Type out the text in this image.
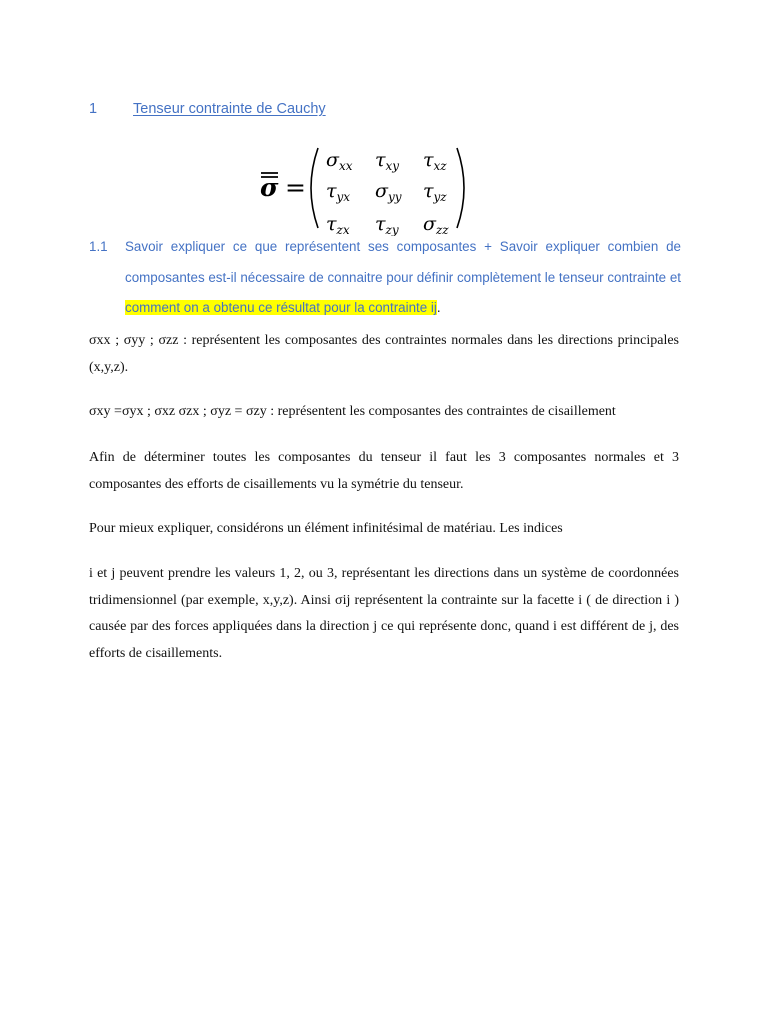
1 Tenseur contrainte de Cauchy
σ =
$\sigma_{xx}$ $\tau_{xy}$ $\tau_{xz}$
$\tau_{yx}$ $\sigma_{yy}$ $\tau_{yz}$
$\tau_{zx}$ $\tau_{zy}$ $\sigma_{zz}$
1.1 Savoir expliquer ce que représentent ses composantes + Savoir expliquer combien de composantes est-il nécessaire de connaitre pour définir complètement le tenseur contrainte et comment on a obtenu ce résultat pour la contrainte ij.

σxx ; σyy ; σzz : représentent les composantes des contraintes normales dans les directions principales (x,y,z).

σxy =σyx ; σxz σzx ; σyz = σzy : représentent les composantes des contraintes de cisaillement

Afin de déterminer toutes les composantes du tenseur il faut les 3 composantes normales et 3 composantes des efforts de cisaillements vu la symétrie du tenseur.

Pour mieux expliquer, considérons un élément infinitésimal de matériau. Les indices

i et j peuvent prendre les valeurs 1, 2, ou 3, représentant les directions dans un système de coordonnées tridimensionnel (par exemple, x,y,z). Ainsi σij représentent la contrainte sur la facette i ( de direction i ) causée par des forces appliquées dans la direction j ce qui représente donc, quand i est différent de j, des efforts de cisaillements.
